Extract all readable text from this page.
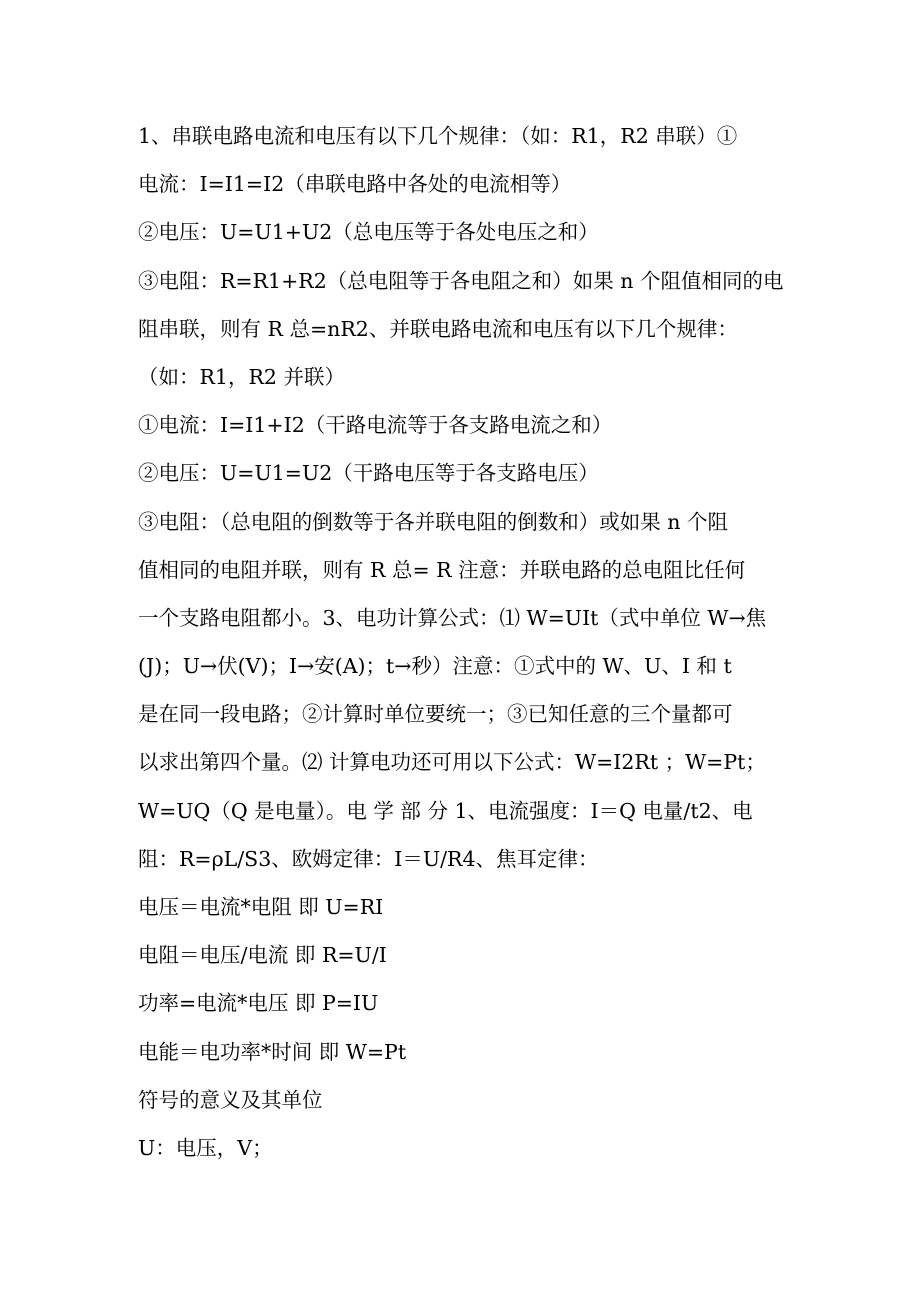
1、串联电路电流和电压有以下几个规律：（如：R1，R2 串联）①
电流：I=I1=I2（串联电路中各处的电流相等）
②电压：U=U1+U2（总电压等于各处电压之和）
③电阻：R=R1+R2（总电阻等于各电阻之和）如果 n 个阻值相同的电
阻串联，则有 R 总=nR2、并联电路电流和电压有以下几个规律：
（如：R1，R2 并联）
①电流：I=I1+I2（干路电流等于各支路电流之和）
②电压：U=U1=U2（干路电压等于各支路电压）
③电阻：（总电阻的倒数等于各并联电阻的倒数和）或如果 n 个阻
值相同的电阻并联，则有 R 总= R 注意：并联电路的总电阻比任何
一个支路电阻都小。3、电功计算公式：⑴ W=UIt（式中单位 W→焦
(J)；U→伏(V)；I→安(A)；t→秒）注意：①式中的 W、U、I 和 t
是在同一段电路；②计算时单位要统一；③已知任意的三个量都可
以求出第四个量。⑵ 计算电功还可用以下公式：W=I2Rt ；W=Pt；
W=UQ（Q 是电量）。电 学 部 分 1、电流强度：I＝Q 电量/t2、电
阻：R=ρL/S3、欧姆定律：I＝U/R4、焦耳定律：
电压＝电流*电阻 即 U=RI
电阻＝电压/电流 即 R=U/I
功率=电流*电压 即 P=IU
电能＝电功率*时间 即 W=Pt
符号的意义及其单位
U：电压，V；
